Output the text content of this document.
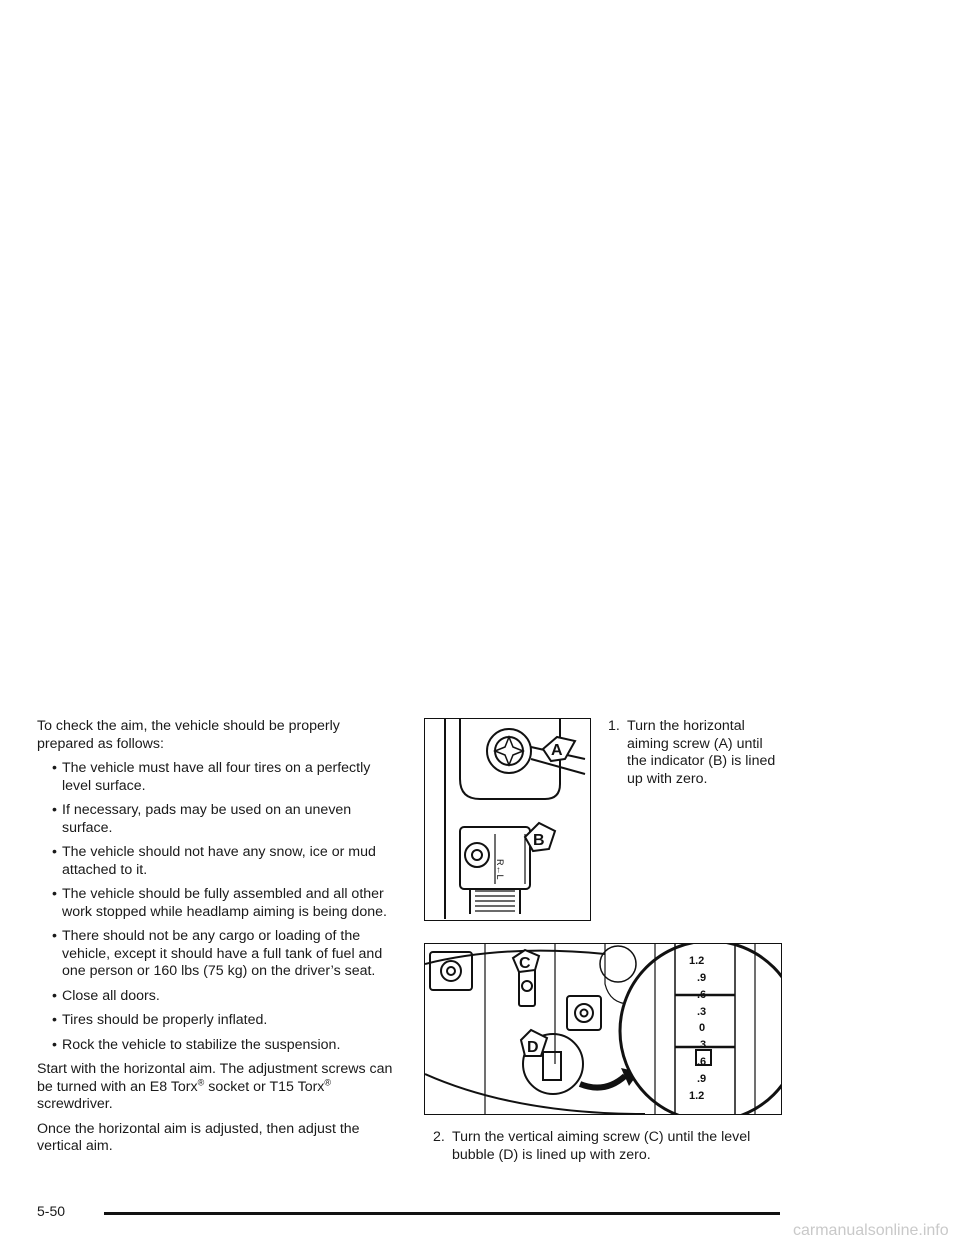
To check the aim, the vehicle should be properly prepared as follows:

• The vehicle must have all four tires on a perfectly level surface.
• If necessary, pads may be used on an uneven surface.
• The vehicle should not have any snow, ice or mud attached to it.
• The vehicle should be fully assembled and all other work stopped while headlamp aiming is being done.
• There should not be any cargo or loading of the vehicle, except it should have a full tank of fuel and one person or 160 lbs (75 kg) on the driver’s seat.
• Close all doors.
• Tires should be properly inflated.
• Rock the vehicle to stabilize the suspension.

Start with the horizontal aim. The adjustment screws can be turned with an E8 Torx® socket or T15 Torx® screwdriver.

Once the horizontal aim is adjusted, then adjust the vertical aim.

A
B
R←L
1. Turn the horizontal aiming screw (A) until the indicator (B) is lined up with zero.
C
D
1.2
.9
.6
.3
0
.3
.6
.9
1.2
2. Turn the vertical aiming screw (C) until the level bubble (D) is lined up with zero.
5-50
carmanualsonline.info
